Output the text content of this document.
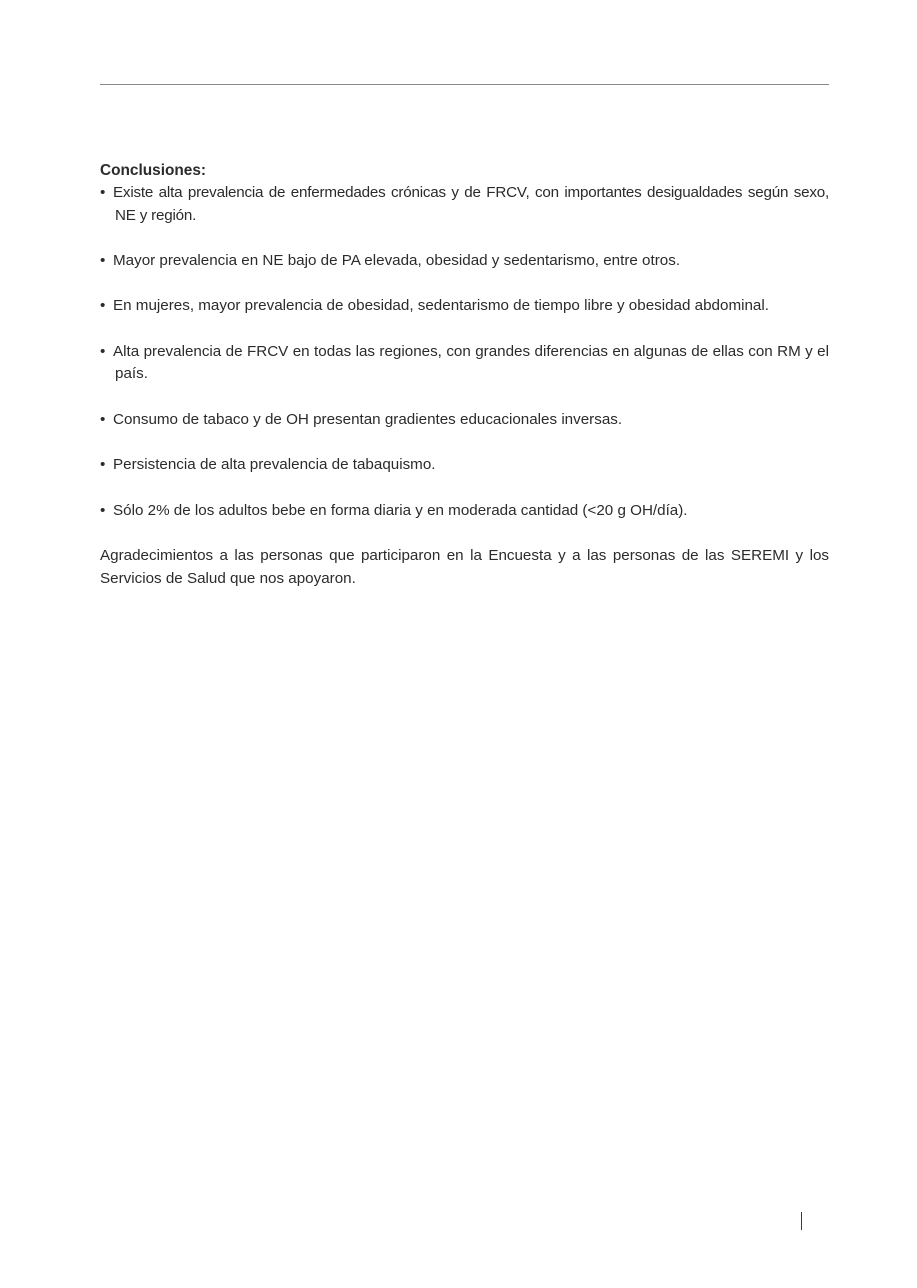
Conclusiones:

• Existe alta prevalencia de enfermedades crónicas y de FRCV, con importantes desigualdades según sexo, NE y región.
• Mayor prevalencia en NE bajo de PA elevada, obesidad y sedentarismo, entre otros.
• En mujeres, mayor prevalencia de obesidad, sedentarismo de tiempo libre y obesidad abdominal.
• Alta prevalencia de FRCV en todas las regiones, con grandes diferencias en algunas de ellas con RM y el país.
• Consumo de tabaco y de OH presentan gradientes educacionales inversas.
• Persistencia de alta prevalencia de tabaquismo.
• Sólo 2% de los adultos bebe en forma diaria y en moderada cantidad (<20 g OH/día).

Agradecimientos a las personas que participaron en la Encuesta y a las personas de las SEREMI y los Servicios de Salud que nos apoyaron.
